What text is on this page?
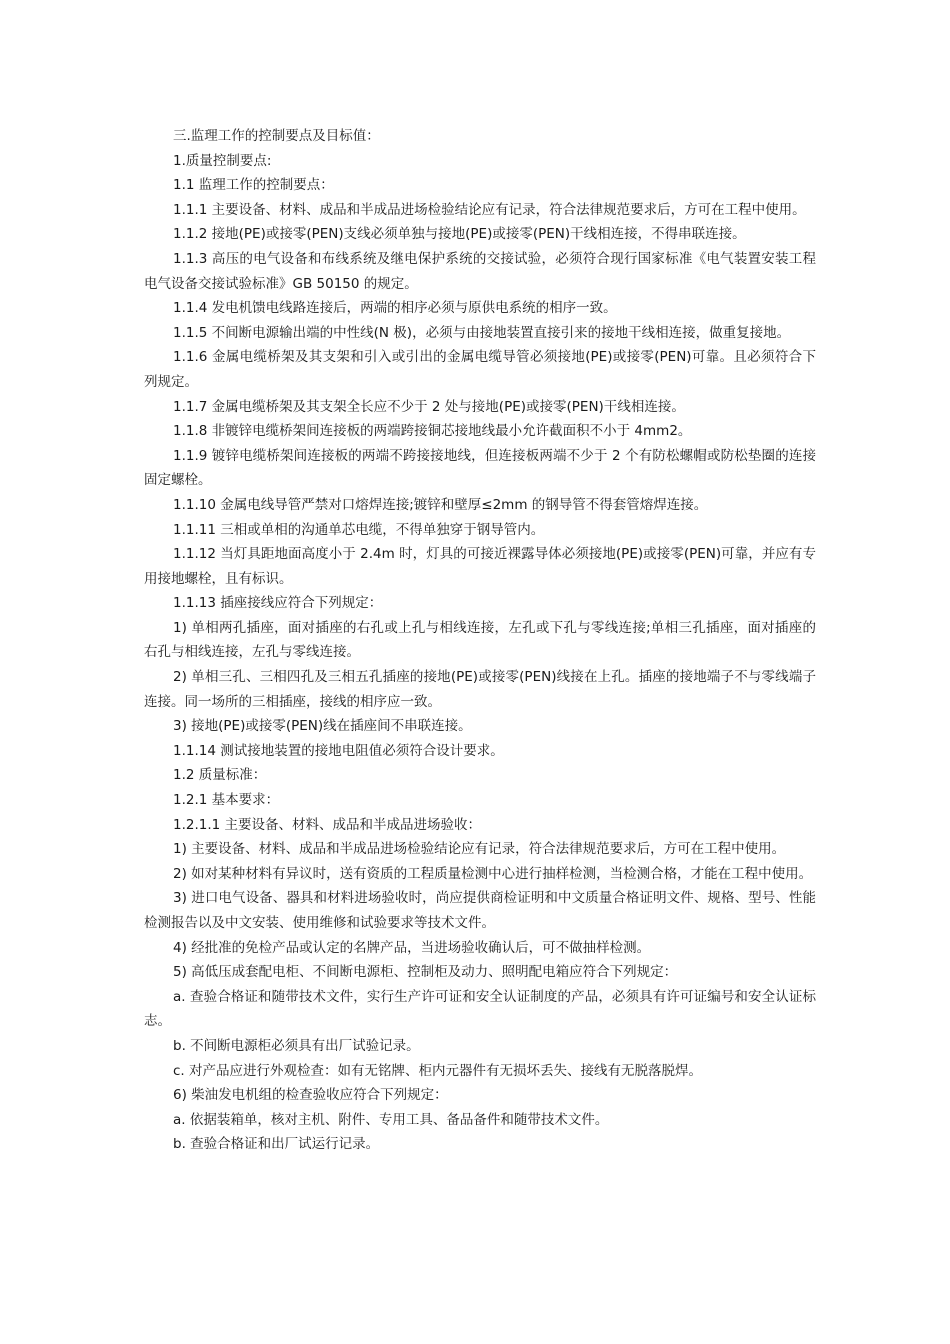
三.监理工作的控制要点及目标值：

1.质量控制要点:

1.1 监理工作的控制要点：

1.1.1 主要设备、材料、成品和半成品进场检验结论应有记录，符合法律规范要求后，方可在工程中使用。

1.1.2 接地(PE)或接零(PEN)支线必须单独与接地(PE)或接零(PEN)干线相连接，不得串联连接。

1.1.3 高压的电气设备和布线系统及继电保护系统的交接试验，必须符合现行国家标准《电气装置安装工程电气设备交接试验标准》GB 50150 的规定。

1.1.4 发电机馈电线路连接后，两端的相序必须与原供电系统的相序一致。

1.1.5 不间断电源输出端的中性线(N 极)，必须与由接地装置直接引来的接地干线相连接，做重复接地。

1.1.6 金属电缆桥架及其支架和引入或引出的金属电缆导管必须接地(PE)或接零(PEN)可靠。且必须符合下列规定。

1.1.7 金属电缆桥架及其支架全长应不少于 2 处与接地(PE)或接零(PEN)干线相连接。

1.1.8 非镀锌电缆桥架间连接板的两端跨接铜芯接地线最小允许截面积不小于 4mm2。

1.1.9 镀锌电缆桥架间连接板的两端不跨接接地线，但连接板两端不少于 2 个有防松螺帽或防松垫圈的连接固定螺栓。

1.1.10 金属电线导管严禁对口熔焊连接;镀锌和壁厚≤2mm 的钢导管不得套管熔焊连接。

1.1.11 三相或单相的沟通单芯电缆，不得单独穿于钢导管内。

1.1.12 当灯具距地面高度小于 2.4m 时，灯具的可接近裸露导体必须接地(PE)或接零(PEN)可靠，并应有专用接地螺栓，且有标识。

1.1.13 插座接线应符合下列规定：

1) 单相两孔插座，面对插座的右孔或上孔与相线连接，左孔或下孔与零线连接;单相三孔插座，面对插座的右孔与相线连接，左孔与零线连接。

2) 单相三孔、三相四孔及三相五孔插座的接地(PE)或接零(PEN)线接在上孔。插座的接地端子不与零线端子连接。同一场所的三相插座，接线的相序应一致。

3) 接地(PE)或接零(PEN)线在插座间不串联连接。

1.1.14 测试接地装置的接地电阻值必须符合设计要求。

1.2 质量标准：

1.2.1 基本要求：

1.2.1.1 主要设备、材料、成品和半成品进场验收：

1) 主要设备、材料、成品和半成品进场检验结论应有记录，符合法律规范要求后，方可在工程中使用。

2) 如对某种材料有异议时，送有资质的工程质量检测中心进行抽样检测，当检测合格，才能在工程中使用。

3) 进口电气设备、器具和材料进场验收时，尚应提供商检证明和中文质量合格证明文件、规格、型号、性能检测报告以及中文安装、使用维修和试验要求等技术文件。

4) 经批准的免检产品或认定的名牌产品，当进场验收确认后，可不做抽样检测。

5) 高低压成套配电柜、不间断电源柜、控制柜及动力、照明配电箱应符合下列规定：

a. 查验合格证和随带技术文件，实行生产许可证和安全认证制度的产品，必须具有许可证编号和安全认证标志。

b. 不间断电源柜必须具有出厂试验记录。

c. 对产品应进行外观检查：如有无铭牌、柜内元器件有无损坏丢失、接线有无脱落脱焊。

6) 柴油发电机组的检查验收应符合下列规定：

a. 依据装箱单，核对主机、附件、专用工具、备品备件和随带技术文件。

b. 查验合格证和出厂试运行记录。
